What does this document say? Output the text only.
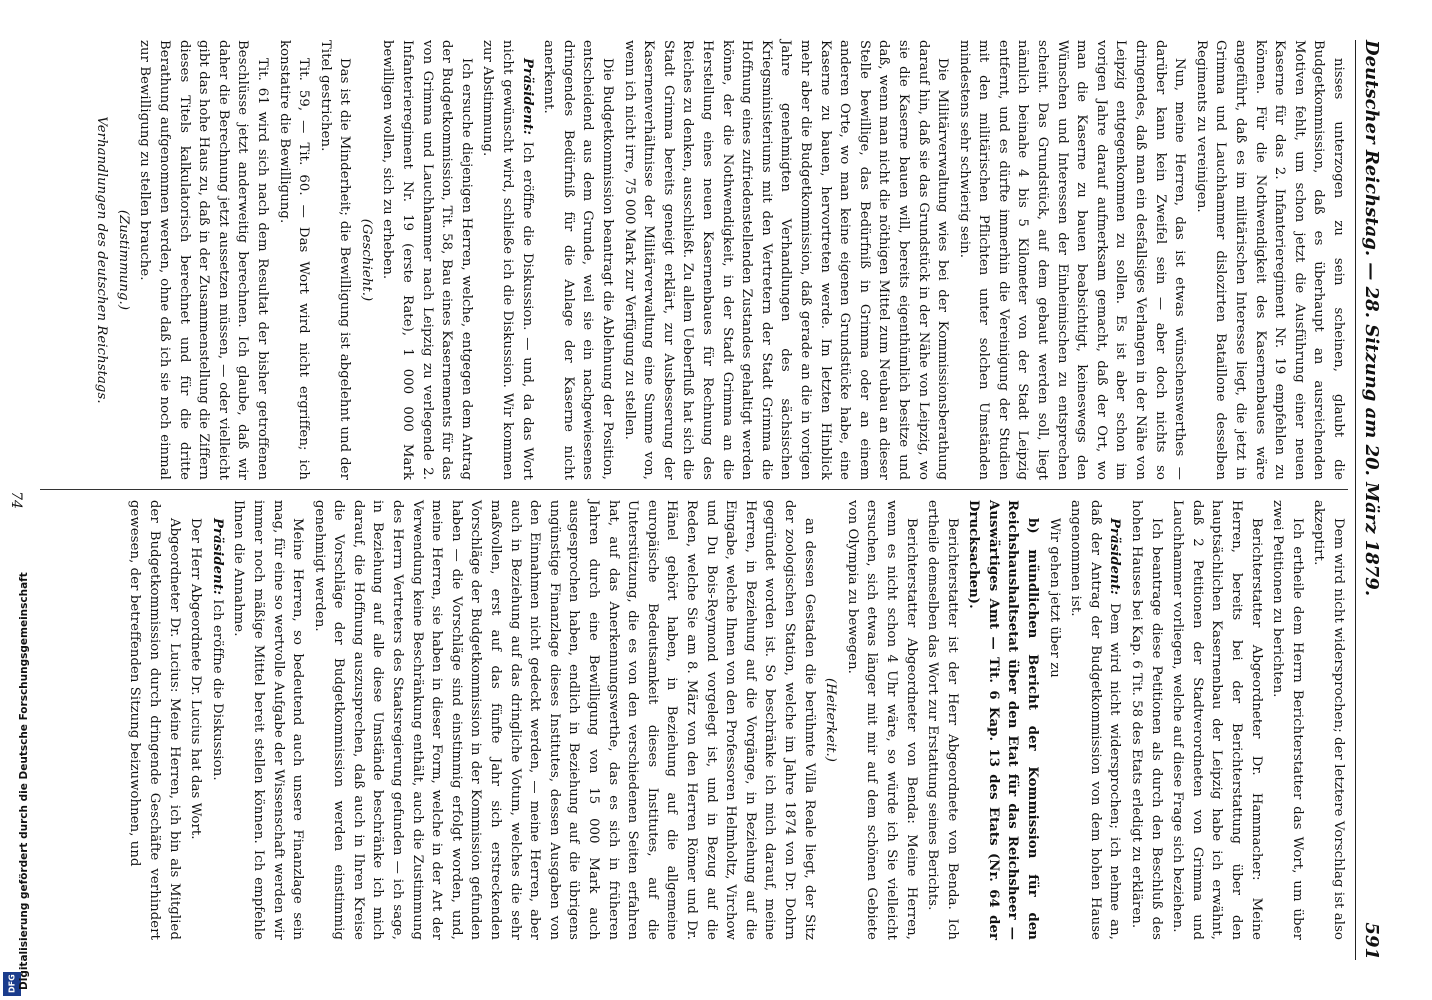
DFG Digitalisierung gefördert durch die Deutsche Forschungsgemeinschaft
Deutscher Reichstag. — 28. Sitzung am 20. März 1879.
591

nisses unterzogen zu sein scheinen, glaubt die Budgetkommission, daß es überhaupt an ausreichenden Motiven fehlt, um schon jetzt die Ausführung einer neuen Kaserne für das 2. Infanterieregiment Nr. 19 empfehlen zu können. Für die Nothwendigkeit des Kasernenbaues wäre angeführt, daß es im militärischen Interesse liegt, die jetzt in Grimma und Lauchhammer dislozirten Bataillone desselben Regiments zu vereinigen.

Nun, meine Herren, das ist etwas wünschenswerthes — darüber kann kein Zweifel sein — aber doch nichts so dringendes, daß man ein desfallsiges Verlangen in der Nähe von Leipzig entgegenkommen zu sollen. Es ist aber schon im vorigen Jahre darauf aufmerksam gemacht, daß der Ort, wo man die Kaserne zu bauen beabsichtigt, keineswegs den Wünschen und Interessen der Einheimischen zu entsprechen scheint. Das Grundstück, auf dem gebaut werden soll, liegt nämlich beinahe 4 bis 5 Kilometer von der Stadt Leipzig entfernt, und es dürfte immerhin die Vereinigung der Studien mit den militärischen Pflichten unter solchen Umständen mindestens sehr schwierig sein.

Die Militärverwaltung wies bei der Kommissionsberathung darauf hin, daß sie das Grundstück in der Nähe von Leipzig, wo sie die Kaserne bauen will, bereits eigenthümlich besitze und daß, wenn man nicht die nöthigen Mittel zum Neubau an dieser Stelle bewillige, das Bedürfniß in Grimma oder an einem anderen Orte, wo man keine eigenen Grundstücke habe, eine Kaserne zu bauen, hervortreten werde. Im letzten Hinblick mehr aber die Budgetkommission, daß gerade an die in vorigen Jahre genehmigten Verhandlungen des sächsischen Kriegsministeriums mit den Vertretern der Stadt Grimma die Hoffnung eines zufriedenstellenden Zustandes gehaltigt werden könne, der die Nothwendigkeit, in der Stadt Grimma an die Herstellung eines neuen Kasernenbaues für Rechnung des Reiches zu denken, ausschließt. Zu allem Ueberfluß hat sich die Stadt Grimma bereits geneigt erklärt, zur Ausbesserung der Kasernenverhältnisse der Militärverwaltung eine Summe von, wenn ich nicht irre, 75 000 Mark zur Verfügung zu stellen.

Die Budgetkommission beantragt die Ablehnung der Position, entscheidend aus dem Grunde, weil sie ein nachgewiesenes dringendes Bedürfniß für die Anlage der Kaserne nicht anerkennt.

Präsident: Ich eröffne die Diskussion. — und, da das Wort nicht gewünscht wird, schließe ich die Diskussion. Wir kommen zur Abstimmung.

Ich ersuche diejenigen Herren, welche, entgegen dem Antrag der Budgetkommission, Tit. 58, Bau eines Kasernements für das von Grimma und Lauchhammer nach Leipzig zu verlegende 2. Infanterieregiment Nr. 19 (erste Rate), 1 000 000 Mark bewilligen wollen, sich zu erheben.

(Geschieht.)

Das ist die Minderheit; die Bewilligung ist abgelehnt und der Titel gestrichen.

Tit. 59, — Tit. 60. — Das Wort wird nicht ergriffen; ich konstatire die Bewilligung.

Tit. 61 wird sich nach dem Resultat der bisher getroffenen Beschlüsse jetzt anderweitig berechnen. Ich glaube, daß wir daher die Berechnung jetzt aussetzen müssen, — oder vielleicht gibt das hohe Haus zu, daß in der Zusammenstellung die Ziffern dieses Titels kalkulatorisch berechnet und für die dritte Berathung aufgenommen werden, ohne daß ich sie noch einmal zur Bewilligung zu stellen brauche.

(Zustimmung.)

Verhandlungen des deutschen Reichstags.

Dem wird nicht widersprochen; der letztere Vorschlag ist also akzeptirt.

Ich ertheile dem Herrn Berichterstatter das Wort, um über zwei Petitionen zu berichten.

Berichterstatter Abgeordneter Dr. Hammacher: Meine Herren, bereits bei der Berichterstattung über den hauptsächlichen Kasernenbau der Leipzig habe ich erwähnt, daß 2 Petitionen der Stadtverordneten von Grimma und Lauchhammer vorliegen, welche auf diese Frage sich beziehen.

Ich beantrage diese Petitionen als durch den Beschluß des hohen Hauses bei Kap. 6 Tit. 58 des Etats erledigt zu erklären.

Präsident: Dem wird nicht widersprochen; ich nehme an, daß der Antrag der Budgetkommission von dem hohen Hause angenommen ist.

Wir gehen jetzt über zu

b) mündlichen Bericht der Kommission für den Reichshaushaltsetat über den Etat für das Reichsheer — Auswärtiges Amt — Tit. 6 Kap. 13 des Etats (Nr. 64 der Drucksachen).

Berichterstatter ist der Herr Abgeordnete von Benda. Ich ertheile demselben das Wort zur Erstattung seines Berichts.

Berichterstatter Abgeordneter von Benda: Meine Herren, wenn es nicht schon 4 Uhr wäre, so würde ich Sie vielleicht ersuchen, sich etwas länger mit mir auf dem schönen Gebiete von Olympia zu bewegen.

(Heiterkeit.)

an dessen Gestaden die berühmte Villa Reale liegt, der Sitz der zoologischen Station, welche im Jahre 1874 von Dr. Dohrn gegründet worden ist. So beschränke ich mich darauf, meine Herren, in Beziehung auf die Vorgänge, in Beziehung auf die Eingabe, welche Ihnen von den Professoren Helmholtz, Virchow und Du Bois-Reymond vorgelegt ist, und in Bezug auf die Reden, welche Sie am 8. März von den Herren Römer und Dr. Hänel gehört haben, in Beziehung auf die allgemeine europäische Bedeutsamkeit dieses Institutes, auf die Unterstützung, die es von den verschiedenen Seiten erfahren hat, auf das Anerkennungswerthe, das es sich in früheren Jahren durch eine Bewilligung von 15 000 Mark auch ausgesprochen haben, endlich in Beziehung auf die übrigens ungünstige Finanzlage dieses Institutes, dessen Ausgaben von den Einnahmen nicht gedeckt werden, — meine Herren, aber auch in Beziehung auf das dringliche Votum, welches die sehr maßvollen, erst auf das fünfte Jahr sich erstreckenden Vorschläge der Budgetkommission in der Kommission gefunden haben — die Vorschläge sind einstimmig erfolgt worden, und, meine Herren, sie haben in dieser Form, welche in der Art der Verwendung keine Beschränkung enthält, auch die Zustimmung des Herrn Vertreters des Staatsregierung gefunden — ich sage, in Beziehung auf alle diese Umstände beschränke ich mich darauf, die Hoffnung auszusprechen, daß auch in Ihren Kreise die Vorschläge der Budgetkommission werden einstimmig genehmigt werden.

Meine Herren, so bedeutend auch unsere Finanzlage sein mag, für eine so wertvolle Aufgabe der Wissenschaft werden wir immer noch mäßige Mittel bereit stellen können. Ich empfehle Ihnen die Annahme.

Präsident: Ich eröffne die Diskussion.

Der Herr Abgeordnete Dr. Lucius hat das Wort.

Abgeordneter Dr. Lucius: Meine Herren, ich bin als Mitglied der Budgetkommission durch dringende Geschäfte verhindert gewesen, der betreffenden Sitzung beizuwohnen, und

74
